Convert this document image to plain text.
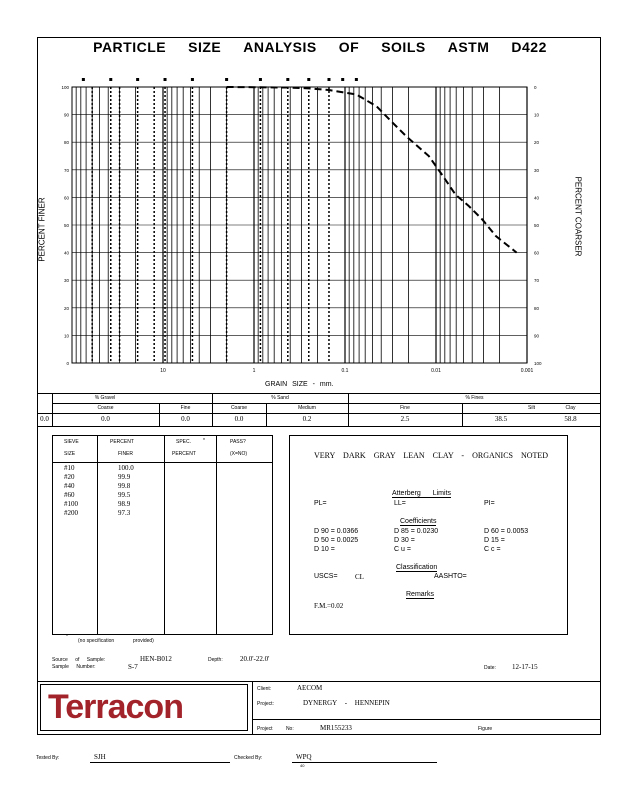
PARTICLE SIZE ANALYSIS OF SOILS ASTM D422
10	1	0.1	0.01	0.001
100
90
80
70
60
50
40
30
20
10
0
0
10
20
30
40
50
60
70
80
90
100
PERCENT FINER	PERCENT COARSER
GRAIN SIZE - mm.
% Gravel	% Sand	% Fines
Coarse	Fine	Coarse	Medium	Fine	Silt	Clay
0.0	0.0	0.0	0.0	0.2	2.5	38.5	58.8
SIEVE
SIZE
PERCENT
FINER
SPEC. *
PERCENT
PASS?
(X=NO)
#10	100.0
#20	99.9
#40	99.8
#60	99.5
#100	98.9
#200	97.3
*
(no specification	provided)
VERY DARK GRAY LEAN CLAY - ORGANICS NOTED
Atterberg Limits
PL=	LL=	PI=
Coefficients
D 90 = 0.0366	D 85 = 0.0230	D 60 = 0.0053
D 50 = 0.0025	D 30 =	D 15 =
D 10 =	C u =	C c =
Classification
USCS= CL	AASHTO=
Remarks
F.M.=0.02
Source of Sample:	HEN-B012
Sample Number:	S-7
Depth: 20.0'-22.0'
Date: 12-17-15
Terracon	Client:	AECOM
Project:	DYNERGY - HENNEPIN
Project No:	MR155233	Figure
Tested By:	SJH	Checked By:	WPQ
40
